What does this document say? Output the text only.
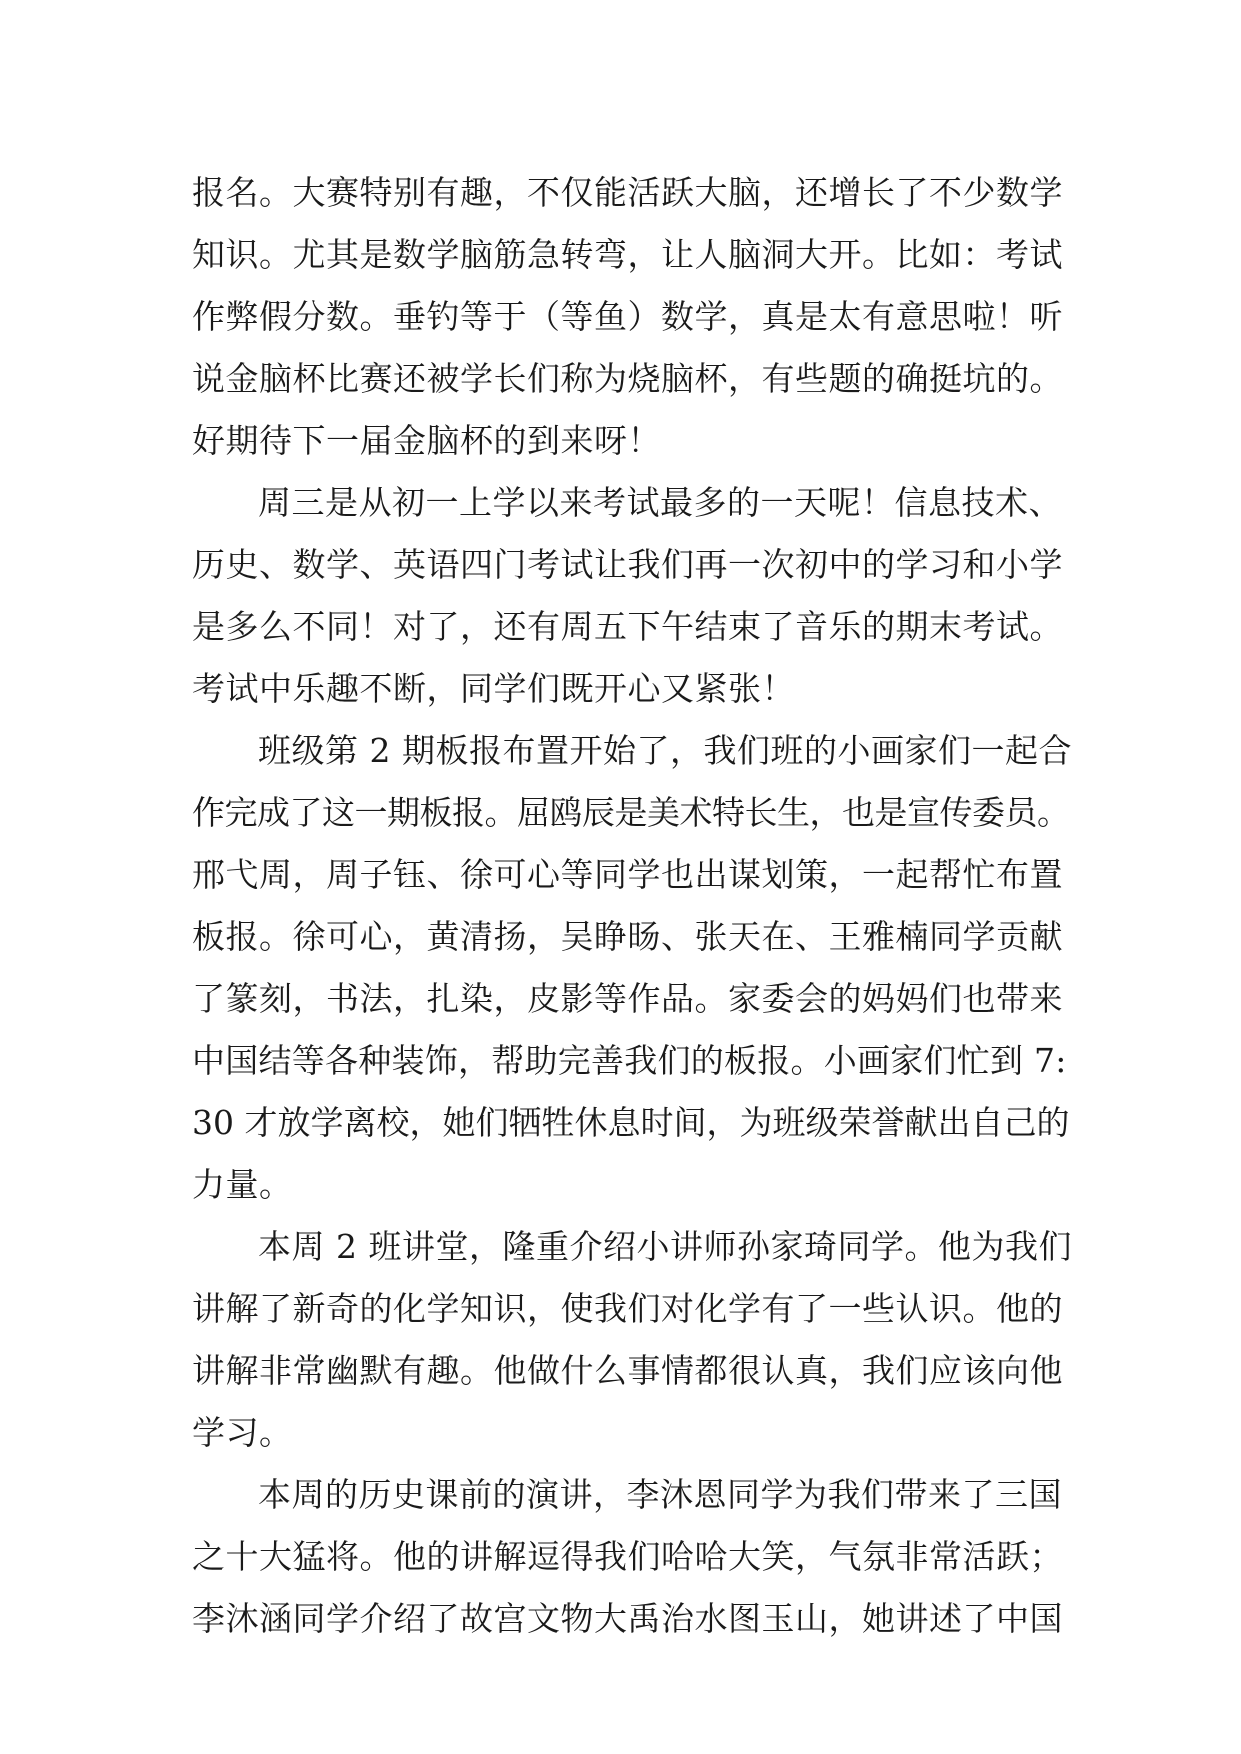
报名。大赛特别有趣，不仅能活跃大脑，还增长了不少数学
知识。尤其是数学脑筋急转弯，让人脑洞大开。比如：考试
作弊假分数。垂钓等于（等鱼）数学，真是太有意思啦！听
说金脑杯比赛还被学长们称为烧脑杯，有些题的确挺坑的。
好期待下一届金脑杯的到来呀！
周三是从初一上学以来考试最多的一天呢！信息技术、
历史、数学、英语四门考试让我们再一次初中的学习和小学
是多么不同！对了，还有周五下午结束了音乐的期末考试。
考试中乐趣不断，同学们既开心又紧张！
班级第 2 期板报布置开始了，我们班的小画家们一起合
作完成了这一期板报。屈鸥辰是美术特长生，也是宣传委员。
邢弋周，周子钰、徐可心等同学也出谋划策，一起帮忙布置
板报。徐可心，黄清扬，吴睁旸、张天在、王雅楠同学贡献
了篆刻，书法，扎染，皮影等作品。家委会的妈妈们也带来
中国结等各种装饰，帮助完善我们的板报。小画家们忙到 7:
30 才放学离校，她们牺牲休息时间，为班级荣誉献出自己的
力量。
本周 2 班讲堂，隆重介绍小讲师孙家琦同学。他为我们
讲解了新奇的化学知识，使我们对化学有了一些认识。他的
讲解非常幽默有趣。他做什么事情都很认真，我们应该向他
学习。
本周的历史课前的演讲，李沐恩同学为我们带来了三国
之十大猛将。他的讲解逗得我们哈哈大笑，气氛非常活跃；
李沐涵同学介绍了故宫文物大禹治水图玉山，她讲述了中国
